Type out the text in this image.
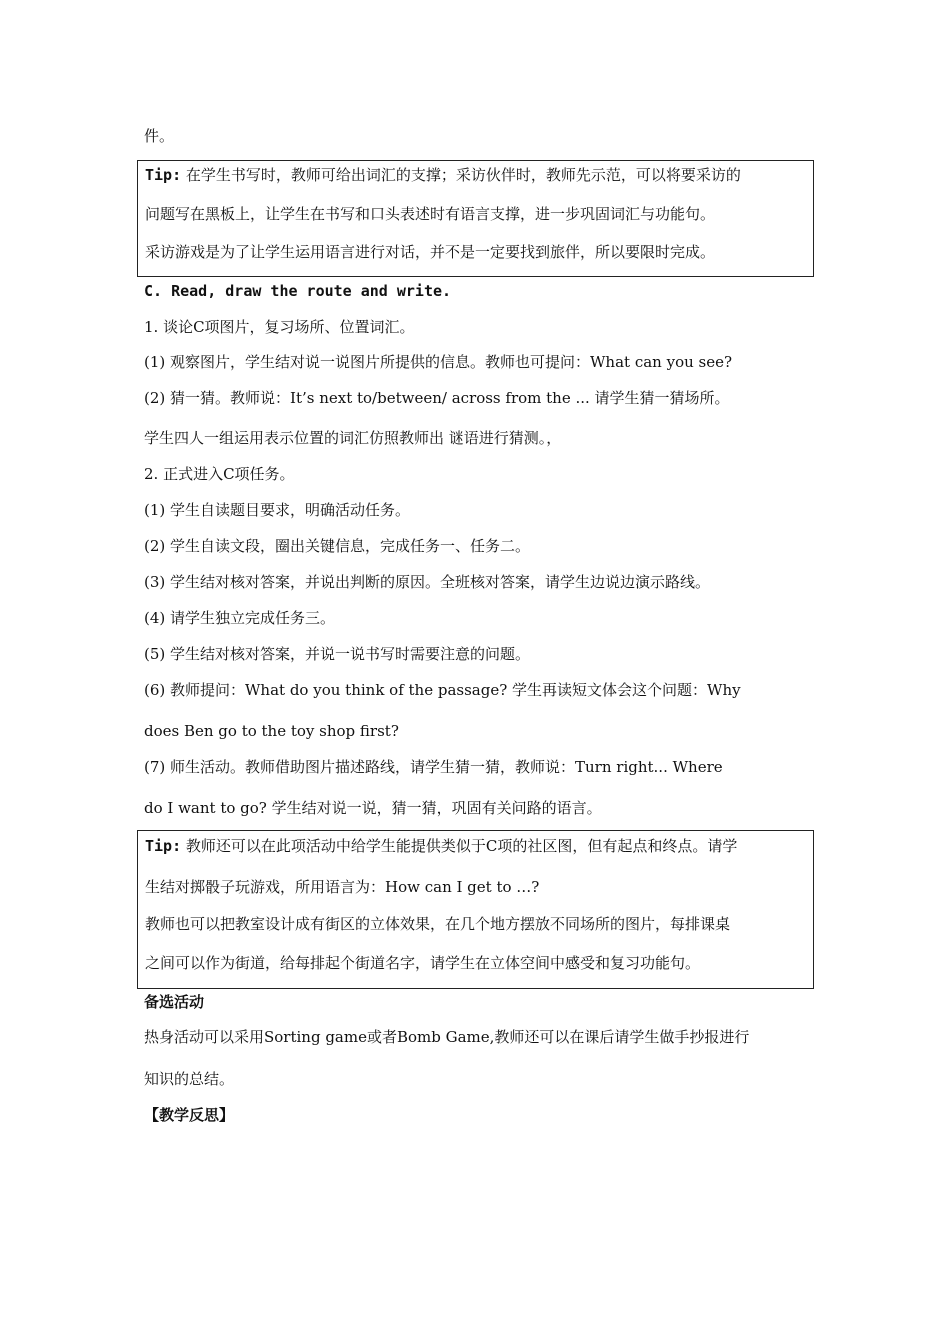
件。
Tip: 在学生书写时，教师可给出词汇的支撑；采访伙伴时，教师先示范，可以将要采访的
问题写在黑板上，让学生在书写和口头表述时有语言支撑，进一步巩固词汇与功能句。
采访游戏是为了让学生运用语言进行对话，并不是一定要找到旅伴，所以要限时完成。
C. Read, draw the route and write.
1. 谈论C项图片，复习场所、位置词汇。
(1) 观察图片，学生结对说一说图片所提供的信息。教师也可提问：What can you see?
(2) 猜一猜。教师说：It’s next to/between/ across from the ... 请学生猜一猜场所。
学生四人一组运用表示位置的词汇仿照教师出 谜语进行猜测。，
2. 正式进入C项任务。
(1) 学生自读题目要求，明确活动任务。
(2) 学生自读文段，圈出关键信息，完成任务一、任务二。
(3) 学生结对核对答案，并说出判断的原因。全班核对答案，请学生边说边演示路线。
(4) 请学生独立完成任务三。
(5) 学生结对核对答案，并说一说书写时需要注意的问题。
(6) 教师提问：What do you think of the passage? 学生再读短文体会这个问题：Why
does Ben go to the toy shop first?
(7) 师生活动。教师借助图片描述路线，请学生猜一猜，教师说：Turn right... Where
do I want to go? 学生结对说一说，猜一猜，巩固有关问路的语言。
Tip: 教师还可以在此项活动中给学生能提供类似于C项的社区图，但有起点和终点。请学
生结对掷骰子玩游戏，所用语言为：How can I get to …?
教师也可以把教室设计成有街区的立体效果，在几个地方摆放不同场所的图片，每排课桌
之间可以作为街道，给每排起个街道名字，请学生在立体空间中感受和复习功能句。
备选活动
热身活动可以采用Sorting game或者Bomb Game,教师还可以在课后请学生做手抄报进行
知识的总结。
【教学反思】
